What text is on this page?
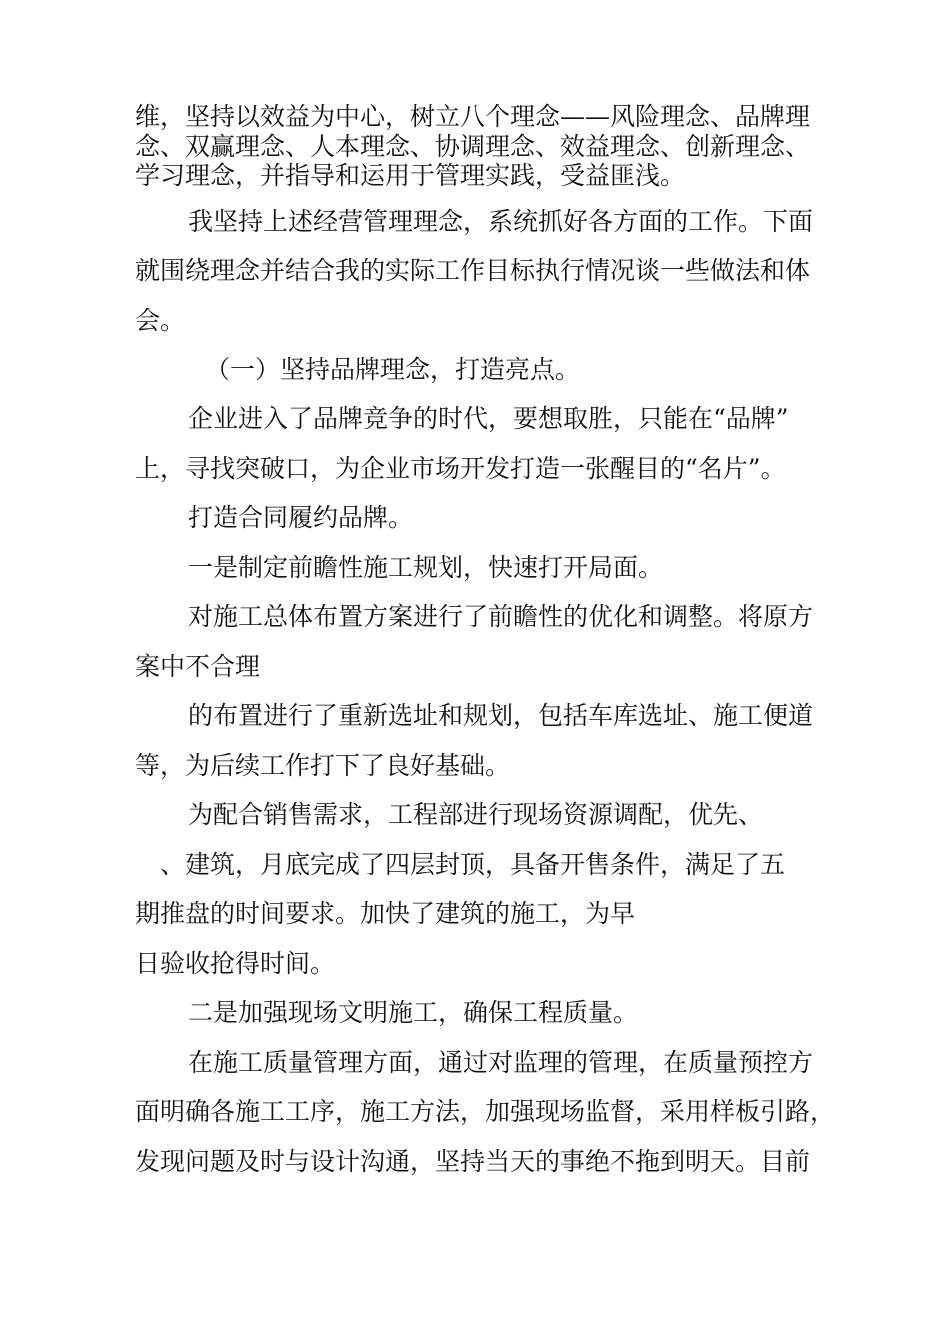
维，坚持以效益为中心，树立八个理念——风险理念、品牌理
念、双赢理念、人本理念、协调理念、效益理念、创新理念、
学习理念，并指导和运用于管理实践，受益匪浅。
我坚持上述经营管理理念，系统抓好各方面的工作。下面
就围绕理念并结合我的实际工作目标执行情况谈一些做法和体
会。
（一）坚持品牌理念，打造亮点。
企业进入了品牌竞争的时代，要想取胜，只能在“品牌”
上，寻找突破口，为企业市场开发打造一张醒目的“名片”。
打造合同履约品牌。
一是制定前瞻性施工规划，快速打开局面。
对施工总体布置方案进行了前瞻性的优化和调整。将原方
案中不合理
的布置进行了重新选址和规划，包括车库选址、施工便道
等，为后续工作打下了良好基础。
为配合销售需求，工程部进行现场资源调配，优先、
、建筑，月底完成了四层封顶，具备开售条件，满足了五
期推盘的时间要求。加快了建筑的施工，为早
日验收抢得时间。
二是加强现场文明施工，确保工程质量。
在施工质量管理方面，通过对监理的管理，在质量预控方
面明确各施工工序，施工方法，加强现场监督，采用样板引路，
发现问题及时与设计沟通，坚持当天的事绝不拖到明天。目前
